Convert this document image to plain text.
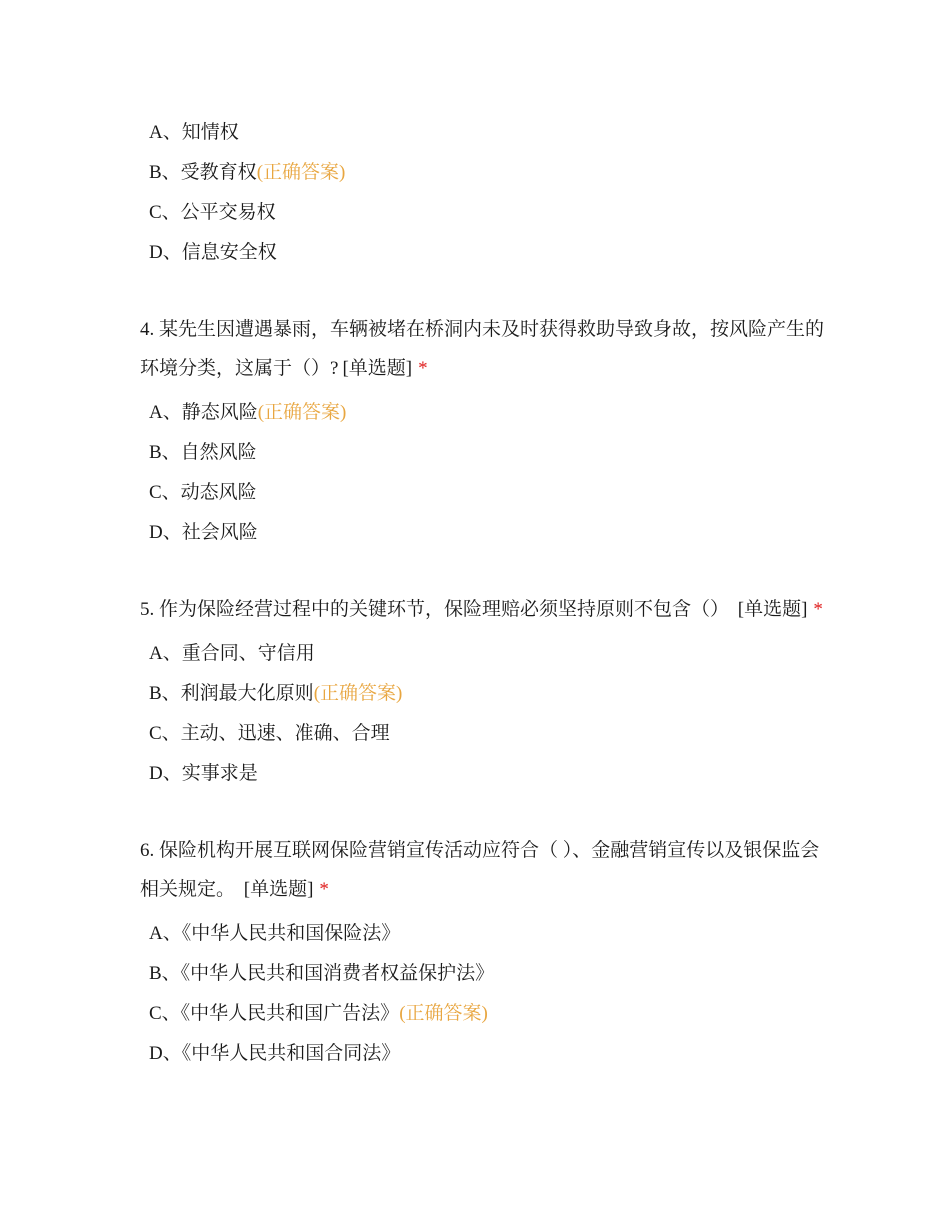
A、知情权
B、受教育权(正确答案)
C、公平交易权
D、信息安全权

4. 某先生因遭遇暴雨，车辆被堵在桥洞内未及时获得救助导致身故，按风险产生的环境分类，这属于（）? [单选题] *

A、静态风险(正确答案)
B、自然风险
C、动态风险
D、社会风险

5. 作为保险经营过程中的关键环节，保险理赔必须坚持原则不包含（） [单选题] *

A、重合同、守信用
B、利润最大化原则(正确答案)
C、主动、迅速、准确、合理
D、实事求是

6. 保险机构开展互联网保险营销宣传活动应符合（ ）、金融营销宣传以及银保监会相关规定。 [单选题] *

A、《中华人民共和国保险法》
B、《中华人民共和国消费者权益保护法》
C、《中华人民共和国广告法》(正确答案)
D、《中华人民共和国合同法》
